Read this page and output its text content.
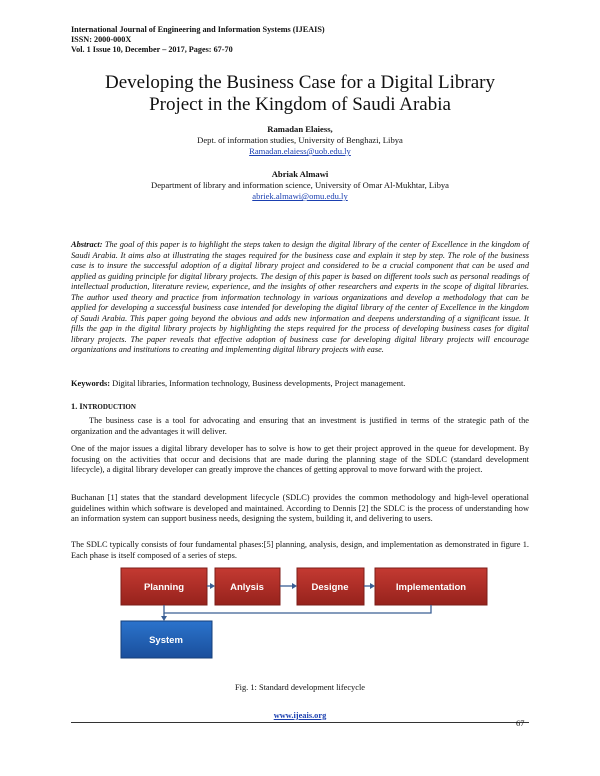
International Journal of Engineering and Information Systems (IJEAIS)
ISSN: 2000-000X
Vol. 1 Issue 10, December – 2017, Pages: 67-70
Developing the Business Case for a Digital Library
Project in the Kingdom of Saudi Arabia
Ramadan Elaiess,
Dept. of information studies, University of Benghazi, Libya
Ramadan.elaiess@uob.edu.ly
Abriak Almawi
Department of library and information science, University of Omar Al-Mukhtar, Libya
abriek.almawi@omu.edu.ly
Abstract: The goal of this paper is to highlight the steps taken to design the digital library of the center of Excellence in the kingdom of Saudi Arabia. It aims also at illustrating the stages required for the business case and explain it step by step. The role of the business case is to insure the successful adoption of a digital library project and considered to be a crucial component that can be used and applied as guiding principle for digital library projects. The design of this paper is based on different tools such as personal readings of intellectual production, literature review, experience, and the insights of other researchers and experts in the scope of digital libraries. The author used theory and practice from information technology in various organizations and develop a methodology that can be applied for developing a successful business case intended for developing the digital library of the center of Excellence in the kingdom of Saudi Arabia. This paper going beyond the obvious and adds new information and deepens understanding of a significant issue. It fills the gap in the digital library projects by highlighting the steps required for the process of developing business cases for digital library projects. The paper reveals that effective adoption of business case for developing digital library projects will encourage organizations and institutions to creating and implementing digital library projects with ease.
Keywords: Digital libraries, Information technology, Business developments, Project management.
1. INTRODUCTION
The business case is a tool for advocating and ensuring that an investment is justified in terms of the strategic path of the organization and the advantages it will deliver.
One of the major issues a digital library developer has to solve is how to get their project approved in the queue for development. By focusing on the activities that occur and decisions that are made during the planning stage of the SDLC (standard development lifecycle), a digital library developer can greatly improve the chances of getting approval to move forward with the project.
Buchanan [1] states that the standard development lifecycle (SDLC) provides the common methodology and high-level operational guidelines within which software is developed and maintained. According to Dennis [2] the SDLC is the process of understanding how an information system can support business needs, designing the system, building it, and delivering to users.
The SDLC typically consists of four fundamental phases:[5] planning, analysis, design, and implementation as demonstrated in figure 1. Each phase is itself composed of a series of steps.
Planning	Anlysis	Designe	Implementation
System
Fig. 1: Standard development lifecycle
www.ijeais.org
67
